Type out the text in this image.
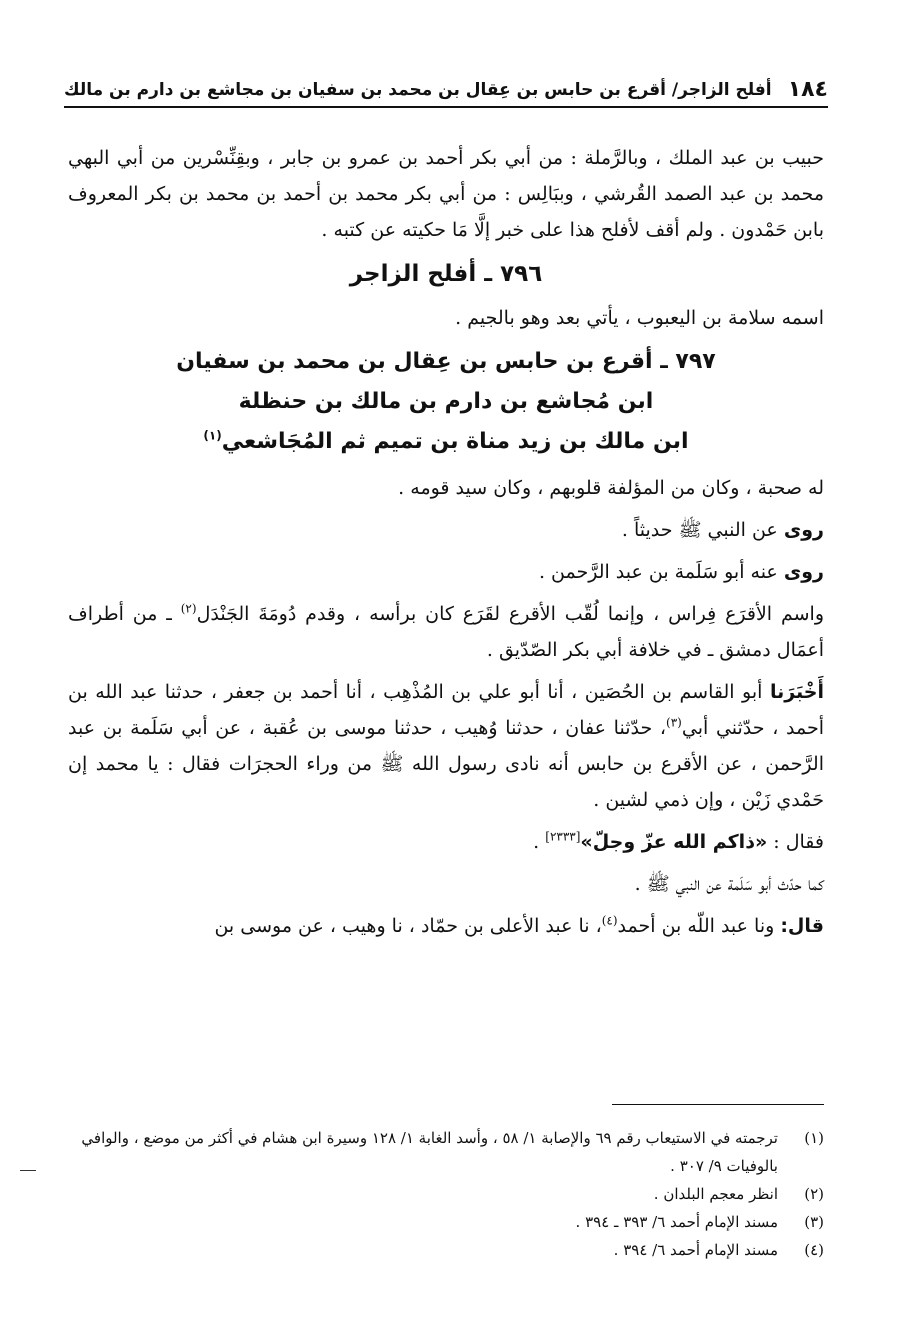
١٨٤
أفلح الزاجر/ أقرع بن حابس بن عِقال بن محمد بن سفيان بن مجاشع بن دارم بن مالك

حبيب بن عبد الملك ، وبالرَّملة : من أبي بكر أحمد بن عمرو بن جابر ، وبقِنِّسْرين من أبي البهي محمد بن عبد الصمد القُرشي ، وببَالِس : من أبي بكر محمد بن أحمد بن محمد بن بكر المعروف بابن حَمْدون . ولم أقف لأفلح هذا على خبر إلَّا مَا حكيته عن كتبه .

٧٩٦ ـ أفلح الزاجر

اسمه سلامة بن اليعبوب ، يأتي بعد وهو بالجيم .

٧٩٧ ـ أقرع بن حابس بن عِقال بن محمد بن سفيان
ابن مُجاشع بن دارم بن مالك بن حنظلة
ابن مالك بن زيد مناة بن تميم ثم المُجَاشعي$^{(١)}$

له صحبة ، وكان من المؤلفة قلوبهم ، وكان سيد قومه .

روى عن النبي ﷺ حديثاً .

روى عنه أبو سَلَمة بن عبد الرَّحمن .

واسم الأقرَع فِراس ، وإنما لُقّب الأقرع لقَرَع كان برأسه ، وقدم دُومَةَ الجَنْدَل$^{(٢)}$ ـ من أطراف أعمَال دمشق ـ في خلافة أبي بكر الصّدّيق .

أَخْبَرَنا أبو القاسم بن الحُصَين ، أنا أبو علي بن المُذْهِب ، أنا أحمد بن جعفر ، حدثنا عبد الله بن أحمد ، حدّثني أبي$^{(٣)}$، حدّثنا عفان ، حدثنا وُهيب ، حدثنا موسى بن عُقبة ، عن أبي سَلَمة بن عبد الرَّحمن ، عن الأقرع بن حابس أنه نادى رسول الله ﷺ من وراء الحجرَات فقال : يا محمد إن حَمْدي زَيْن ، وإن ذمي لشين .

فقال : «ذاكم الله عزّ وجلّ»[٢٣٣٣] .

كما حدّث أبو سَلَمة عن النبي ﷺ .

قال: ونا عبد اللّه بن أحمد$^{(٤)}$، نا عبد الأعلى بن حمّاد ، نا وهيب ، عن موسى بن

(١)
ترجمته في الاستيعاب رقم ٦٩ والإصابة ١/ ٥٨ ، وأسد الغابة ١/ ١٢٨ وسيرة ابن هشام في أكثر من موضع ، والوافي بالوفيات ٩/ ٣٠٧ .
(٢)
انظر معجم البلدان .
(٣)
مسند الإمام أحمد ٦/ ٣٩٣ ـ ٣٩٤ .
(٤)
مسند الإمام أحمد ٦/ ٣٩٤ .
